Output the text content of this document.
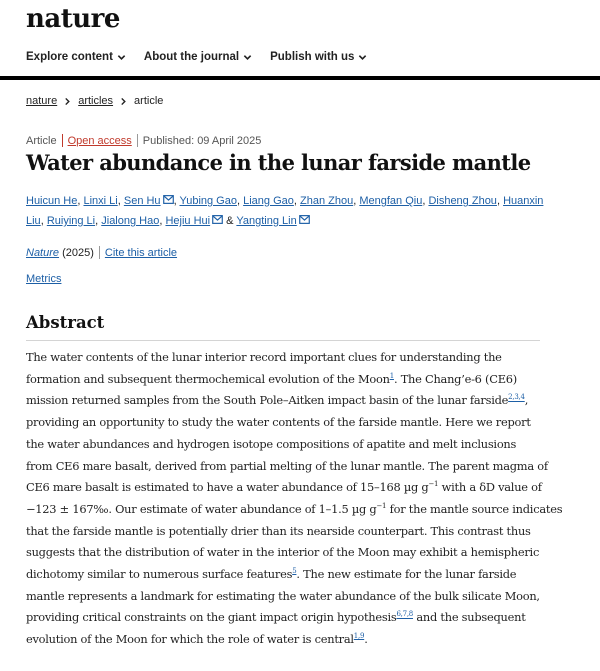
nature
Explore content	About the journal	Publish with us
nature articles article
Article Open access Published: 09 April 2025
Water abundance in the lunar farside mantle
Huicun He, Linxi Li, Sen Hu , Yubing Gao, Liang Gao, Zhan Zhou, Mengfan Qiu, Disheng Zhou, Huanxin
Liu, Ruiying Li, Jialong Hao, Hejiu Hui & Yangting Lin
Nature (2025) Cite this article
Metrics
Abstract

The water contents of the lunar interior record important clues for understanding the
formation and subsequent thermochemical evolution of the Moon$^1$. The Chang’e-6 (CE6)
mission returned samples from the South Pole–Aitken impact basin of the lunar farside$^{2,3,4}$,
providing an opportunity to study the water contents of the farside mantle. Here we report
the water abundances and hydrogen isotope compositions of apatite and melt inclusions
from CE6 mare basalt, derived from partial melting of the lunar mantle. The parent magma of
CE6 mare basalt is estimated to have a water abundance of 15–168 µg $g^{-1}$ with a δD value of
−123 ± 167‰. Our estimate of water abundance of 1–1.5 µg $g^{-1}$ for the mantle source indicates
that the farside mantle is potentially drier than its nearside counterpart. This contrast thus
suggests that the distribution of water in the interior of the Moon may exhibit a hemispheric
dichotomy similar to numerous surface features$^5$. The new estimate for the lunar farside
mantle represents a landmark for estimating the water abundance of the bulk silicate Moon,
providing critical constraints on the giant impact origin hypothesis$^{6,7,8}$ and the subsequent
evolution of the Moon for which the role of water is central$^{1,9}$.
